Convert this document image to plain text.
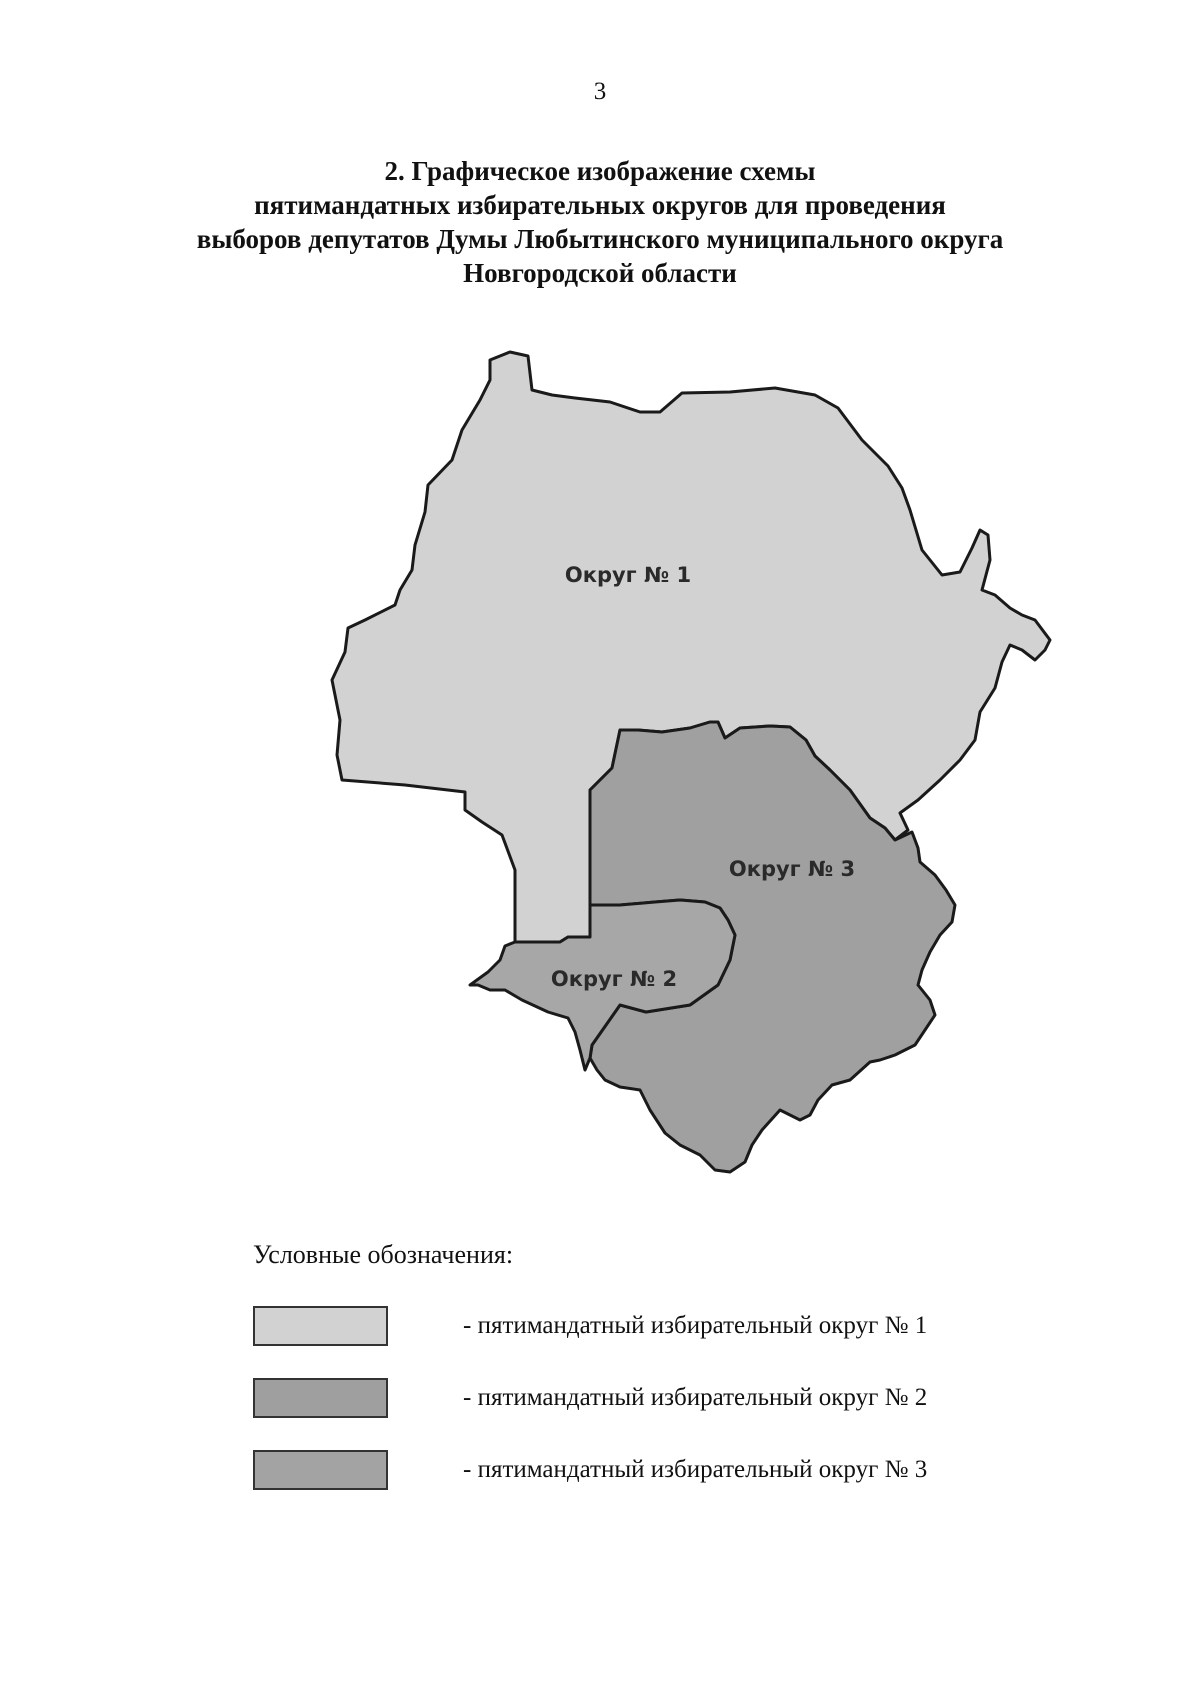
3
2. Графическое изображение схемы
пятимандатных избирательных округов для проведения
выборов депутатов Думы Любытинского муниципального округа
Новгородской области
Округ № 1
Округ № 3
Округ № 2
Условные обозначения:
- пятимандатный избирательный округ № 1
- пятимандатный избирательный округ № 2
- пятимандатный избирательный округ № 3
